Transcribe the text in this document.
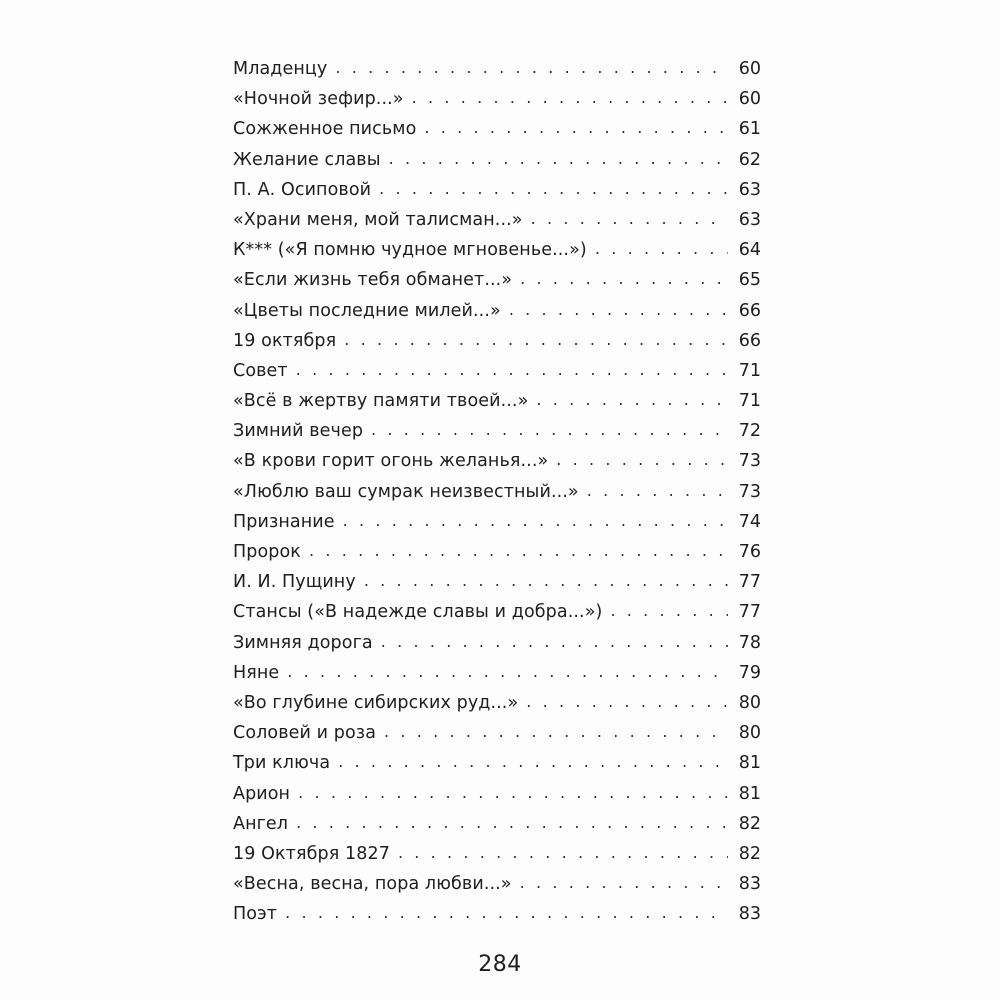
Младенцу . . .	60
«Ночной зефир...» . . .	60
Сожженное письмо . . .	61
Желание славы . . .	62
П. А. Осиповой . . .	63
«Храни меня, мой талисман...» . . .	63
К*** («Я помню чудное мгновенье...») . . .	64
«Если жизнь тебя обманет...» . . .	65
«Цветы последние милей...» . . .	66
19 октября . . .	66
Совет . . .	71
«Всё в жертву памяти твоей...» . . .	71
Зимний вечер . . .	72
«В крови горит огонь желанья...» . . .	73
«Люблю ваш сумрак неизвестный...» . . .	73
Признание . . .	74
Пророк . . .	76
И. И. Пущину . . .	77
Стансы («В надежде славы и добра...») . . .	77
Зимняя дорога . . .	78
Няне . . .	79
«Во глубине сибирских руд...» . . .	80
Соловей и роза . . .	80
Три ключа . . .	81
Арион . . .	81
Ангел . . .	82
19 Октября 1827 . . .	82
«Весна, весна, пора любви...» . . .	83
Поэт . . .	83
284
